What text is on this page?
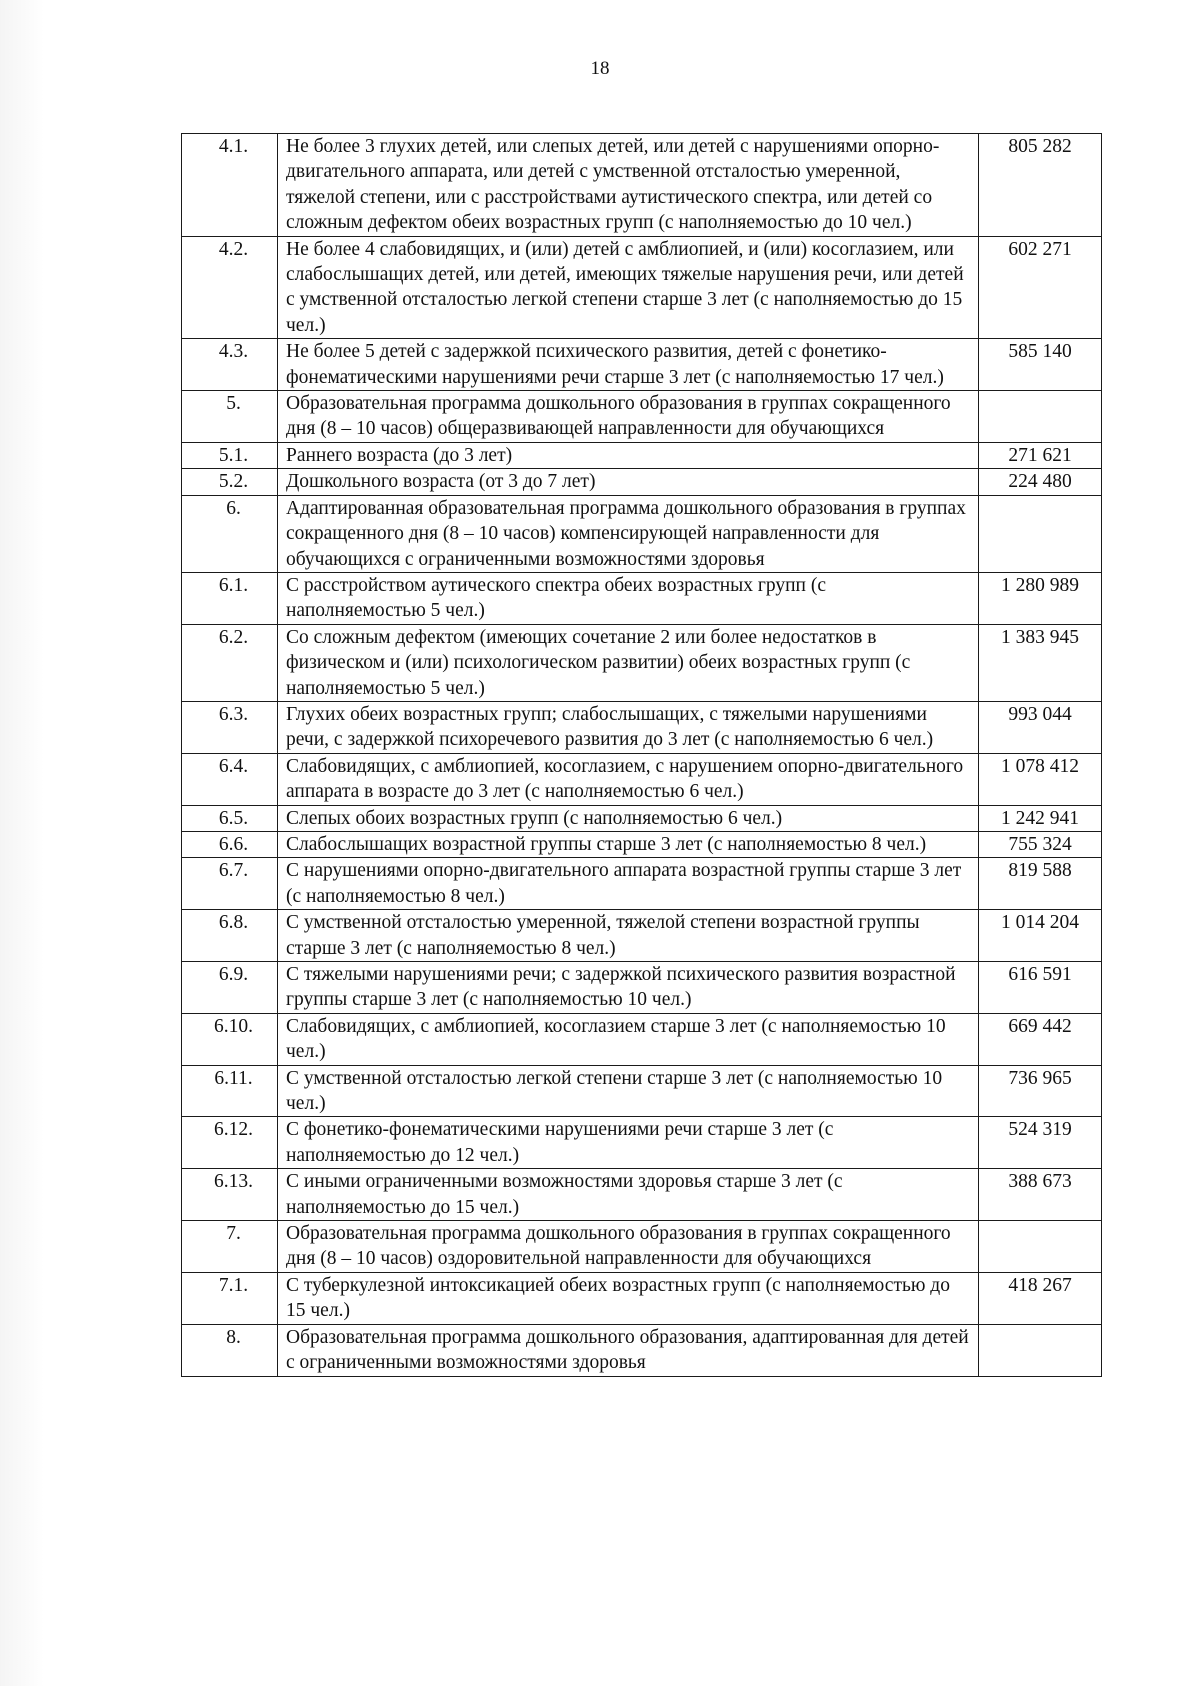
18
4.1.	Не более 3 глухих детей, или слепых детей, или детей с нарушениями опорно-двигательного аппарата, или детей с умственной отсталостью умеренной, тяжелой степени, или с расстройствами аутистического спектра, или детей со сложным дефектом обеих возрастных групп (с наполняемостью до 10 чел.)	805 282
4.2.	Не более 4 слабовидящих, и (или) детей с амблиопией, и (или) косоглазием, или слабослышащих детей, или детей, имеющих тяжелые нарушения речи, или детей с умственной отсталостью легкой степени старше 3 лет (с наполняемостью до 15 чел.)	602 271
4.3.	Не более 5 детей с задержкой психического развития, детей с фонетико-фонематическими нарушениями речи старше 3 лет (с наполняемостью 17 чел.)	585 140
5.	Образовательная программа дошкольного образования в группах сокращенного дня (8 – 10 часов) общеразвивающей направленности для обучающихся	
5.1.	Раннего возраста (до 3 лет)	271 621
5.2.	Дошкольного возраста (от 3 до 7 лет)	224 480
6.	Адаптированная образовательная программа дошкольного образования в группах сокращенного дня (8 – 10 часов) компенсирующей направленности для обучающихся с ограниченными возможностями здоровья	
6.1.	С расстройством аутического спектра обеих возрастных групп (с наполняемостью 5 чел.)	1 280 989
6.2.	Со сложным дефектом (имеющих сочетание 2 или более недостатков в физическом и (или) психологическом развитии) обеих возрастных групп (с наполняемостью 5 чел.)	1 383 945
6.3.	Глухих обеих возрастных групп; слабослышащих, с тяжелыми нарушениями речи, с задержкой психоречевого развития до 3 лет (с наполняемостью 6 чел.)	993 044
6.4.	Слабовидящих, с амблиопией, косоглазием, с нарушением опорно-двигательного аппарата в возрасте до 3 лет (с наполняемостью 6 чел.)	1 078 412
6.5.	Слепых обоих возрастных групп (с наполняемостью 6 чел.)	1 242 941
6.6.	Слабослышащих возрастной группы старше 3 лет (с наполняемостью 8 чел.)	755 324
6.7.	С нарушениями опорно-двигательного аппарата возрастной группы старше 3 лет (с наполняемостью 8 чел.)	819 588
6.8.	С умственной отсталостью умеренной, тяжелой степени возрастной группы старше 3 лет (с наполняемостью 8 чел.)	1 014 204
6.9.	С тяжелыми нарушениями речи; с задержкой психического развития возрастной группы старше 3 лет (с наполняемостью 10 чел.)	616 591
6.10.	Слабовидящих, с амблиопией, косоглазием старше 3 лет (с наполняемостью 10 чел.)	669 442
6.11.	С умственной отсталостью легкой степени старше 3 лет (с наполняемостью 10 чел.)	736 965
6.12.	С фонетико-фонематическими нарушениями речи старше 3 лет (с наполняемостью до 12 чел.)	524 319
6.13.	С иными ограниченными возможностями здоровья старше 3 лет (с наполняемостью до 15 чел.)	388 673
7.	Образовательная программа дошкольного образования в группах сокращенного дня (8 – 10 часов) оздоровительной направленности для обучающихся	
7.1.	С туберкулезной интоксикацией обеих возрастных групп (с наполняемостью до 15 чел.)	418 267
8.	Образовательная программа дошкольного образования, адаптированная для детей с ограниченными возможностями здоровья	
